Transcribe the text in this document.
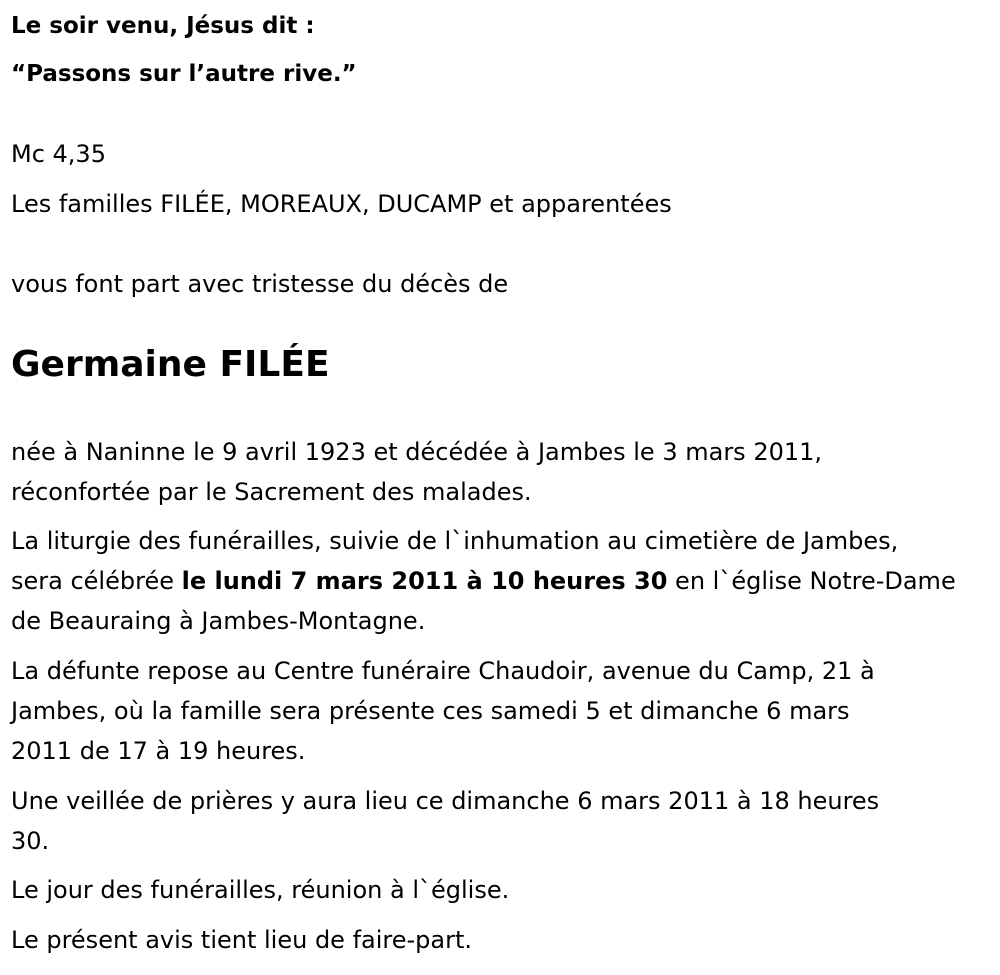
Le soir venu, Jésus dit :
“Passons sur l’autre rive.”
Mc 4,35
Les familles FILÉE, MOREAUX, DUCAMP et apparentées
vous font part avec tristesse du décès de
Germaine FILÉE
née à Naninne le 9 avril 1923 et décédée à Jambes le 3 mars 2011,
réconfortée par le Sacrement des malades.
La liturgie des funérailles, suivie de l`inhumation au cimetière de Jambes,
sera célébrée le lundi 7 mars 2011 à 10 heures 30 en l`église Notre-Dame
de Beauraing à Jambes-Montagne.
La défunte repose au Centre funéraire Chaudoir, avenue du Camp, 21 à
Jambes, où la famille sera présente ces samedi 5 et dimanche 6 mars
2011 de 17 à 19 heures.
Une veillée de prières y aura lieu ce dimanche 6 mars 2011 à 18 heures
30.
Le jour des funérailles, réunion à l`église.
Le présent avis tient lieu de faire-part.
